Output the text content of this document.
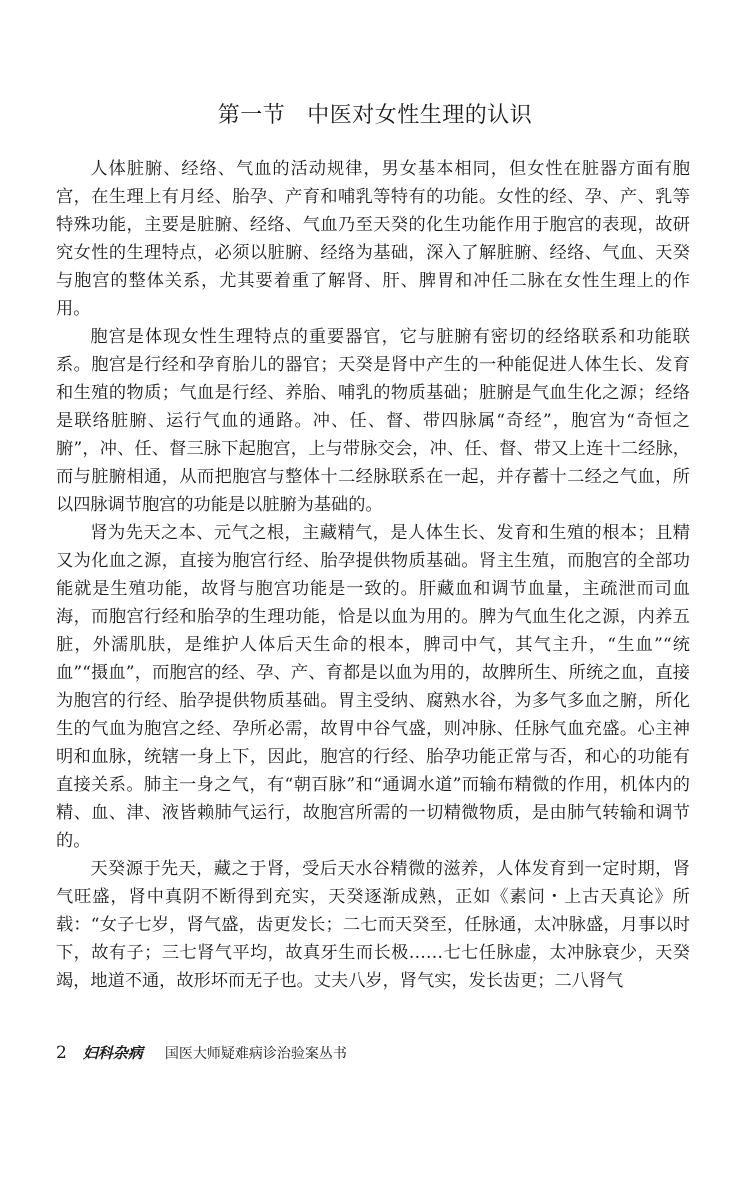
第一节 中医对女性生理的认识

人体脏腑、经络、气血的活动规律，男女基本相同，但女性在脏器方面有胞宫，在生理上有月经、胎孕、产育和哺乳等特有的功能。女性的经、孕、产、乳等特殊功能，主要是脏腑、经络、气血乃至天癸的化生功能作用于胞宫的表现，故研究女性的生理特点，必须以脏腑、经络为基础，深入了解脏腑、经络、气血、天癸与胞宫的整体关系，尤其要着重了解肾、肝、脾胃和冲任二脉在女性生理上的作用。

胞宫是体现女性生理特点的重要器官，它与脏腑有密切的经络联系和功能联系。胞宫是行经和孕育胎儿的器官；天癸是肾中产生的一种能促进人体生长、发育和生殖的物质；气血是行经、养胎、哺乳的物质基础；脏腑是气血生化之源；经络是联络脏腑、运行气血的通路。冲、任、督、带四脉属“奇经”，胞宫为“奇恒之腑”，冲、任、督三脉下起胞宫，上与带脉交会，冲、任、督、带又上连十二经脉，而与脏腑相通，从而把胞宫与整体十二经脉联系在一起，并存蓄十二经之气血，所以四脉调节胞宫的功能是以脏腑为基础的。

肾为先天之本、元气之根，主藏精气，是人体生长、发育和生殖的根本；且精又为化血之源，直接为胞宫行经、胎孕提供物质基础。肾主生殖，而胞宫的全部功能就是生殖功能，故肾与胞宫功能是一致的。肝藏血和调节血量，主疏泄而司血海，而胞宫行经和胎孕的生理功能，恰是以血为用的。脾为气血生化之源，内养五脏，外濡肌肤，是维护人体后天生命的根本，脾司中气，其气主升，“生血”“统血”“摄血”，而胞宫的经、孕、产、育都是以血为用的，故脾所生、所统之血，直接为胞宫的行经、胎孕提供物质基础。胃主受纳、腐熟水谷，为多气多血之腑，所化生的气血为胞宫之经、孕所必需，故胃中谷气盛，则冲脉、任脉气血充盛。心主神明和血脉，统辖一身上下，因此，胞宫的行经、胎孕功能正常与否，和心的功能有直接关系。肺主一身之气，有“朝百脉”和“通调水道”而输布精微的作用，机体内的精、血、津、液皆赖肺气运行，故胞宫所需的一切精微物质，是由肺气转输和调节的。

天癸源于先天，藏之于肾，受后天水谷精微的滋养，人体发育到一定时期，肾气旺盛，肾中真阴不断得到充实，天癸逐渐成熟，正如《素问・上古天真论》所载：“女子七岁，肾气盛，齿更发长；二七而天癸至，任脉通，太冲脉盛，月事以时下，故有子；三七肾气平均，故真牙生而长极……七七任脉虚，太冲脉衰少，天癸竭，地道不通，故形坏而无子也。丈夫八岁，肾气实，发长齿更；二八肾气

2 妇科杂病 国医大师疑难病诊治验案丛书
